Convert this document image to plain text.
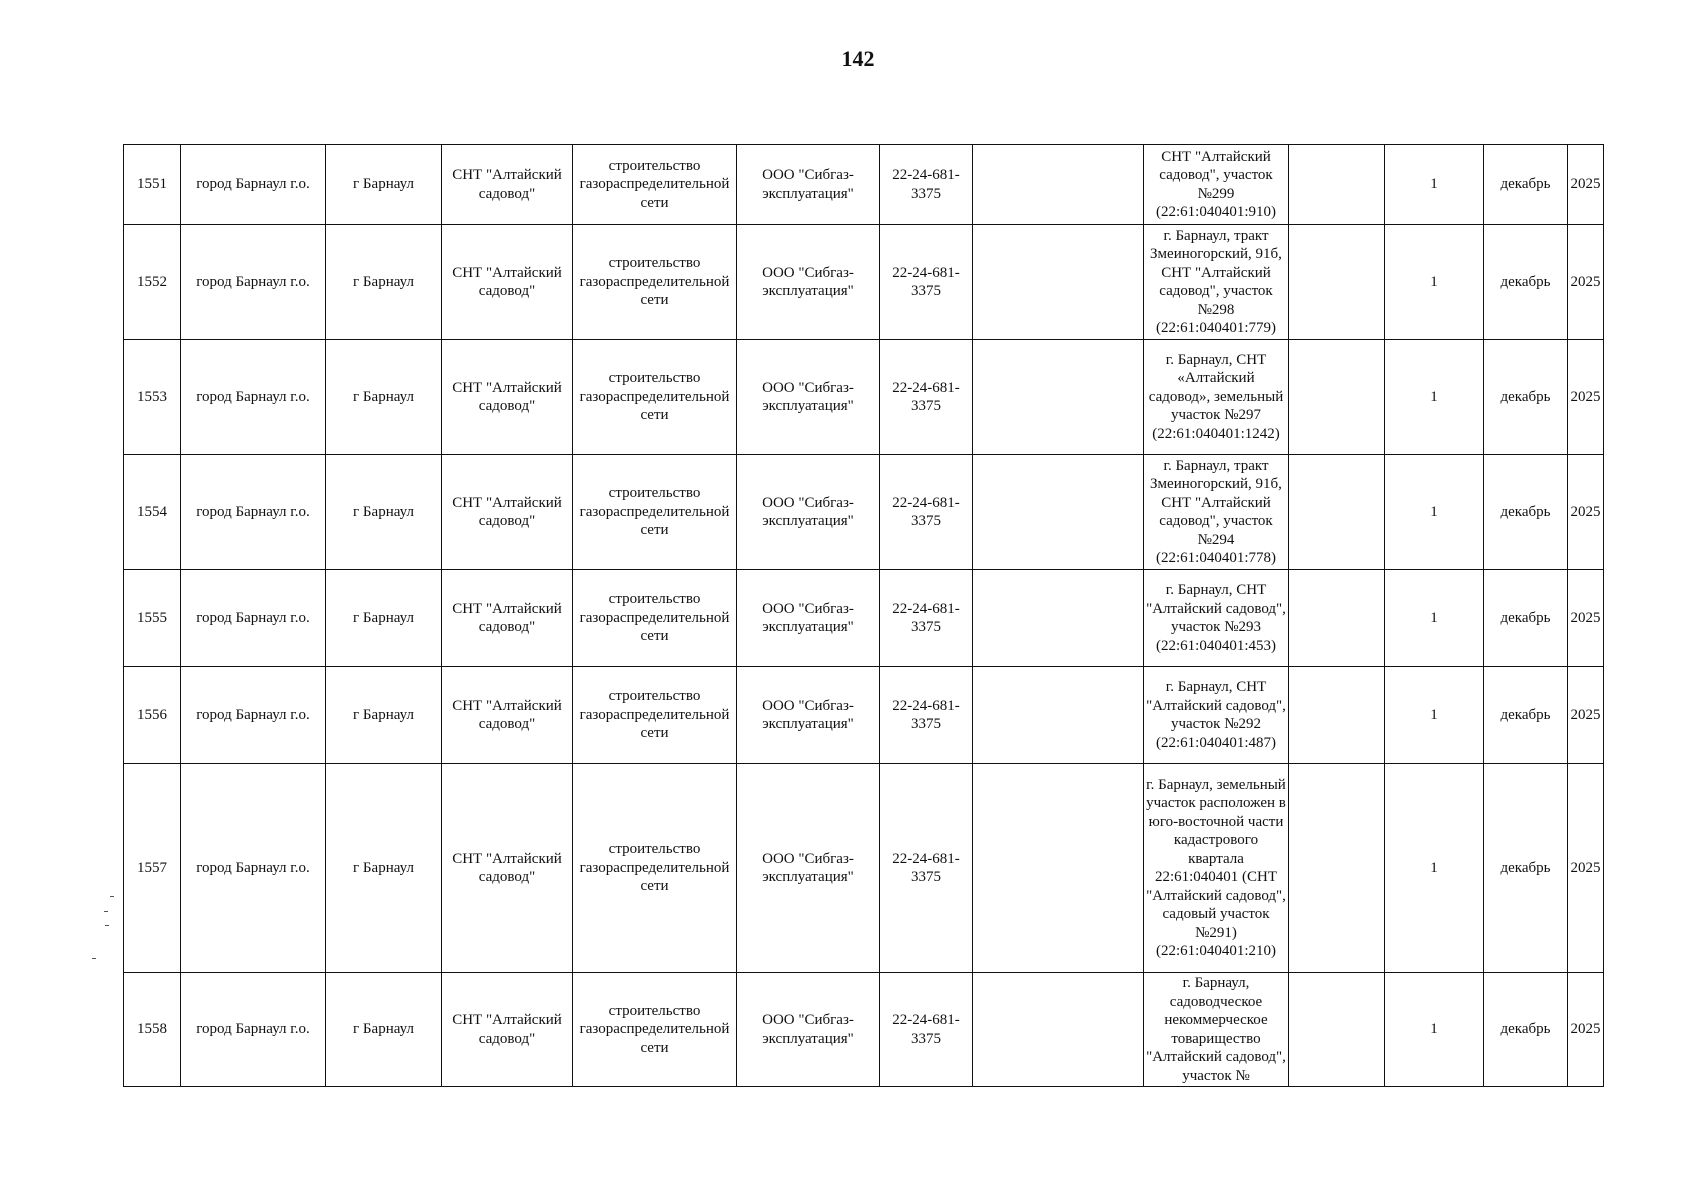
142
1551	город Барнаул г.о.	г Барнаул	СНТ "Алтайский садовод"	строительство газораспределительной сети	ООО "Сибгаз-эксплуатация"	22-24-681-3375		СНТ "Алтайский садовод", участок №299 (22:61:040401:910)		1	декабрь	2025
1552	город Барнаул г.о.	г Барнаул	СНТ "Алтайский садовод"	строительство газораспределительной сети	ООО "Сибгаз-эксплуатация"	22-24-681-3375		г. Барнаул, тракт Змеиногорский, 91б, СНТ "Алтайский садовод", участок №298 (22:61:040401:779)		1	декабрь	2025
1553	город Барнаул г.о.	г Барнаул	СНТ "Алтайский садовод"	строительство газораспределительной сети	ООО "Сибгаз-эксплуатация"	22-24-681-3375		г. Барнаул, СНТ «Алтайский садовод», земельный участок №297 (22:61:040401:1242)		1	декабрь	2025
1554	город Барнаул г.о.	г Барнаул	СНТ "Алтайский садовод"	строительство газораспределительной сети	ООО "Сибгаз-эксплуатация"	22-24-681-3375		г. Барнаул, тракт Змеиногорский, 91б, СНТ "Алтайский садовод", участок №294 (22:61:040401:778)		1	декабрь	2025
1555	город Барнаул г.о.	г Барнаул	СНТ "Алтайский садовод"	строительство газораспределительной сети	ООО "Сибгаз-эксплуатация"	22-24-681-3375		г. Барнаул, СНТ "Алтайский садовод", участок №293 (22:61:040401:453)		1	декабрь	2025
1556	город Барнаул г.о.	г Барнаул	СНТ "Алтайский садовод"	строительство газораспределительной сети	ООО "Сибгаз-эксплуатация"	22-24-681-3375		г. Барнаул, СНТ "Алтайский садовод", участок №292 (22:61:040401:487)		1	декабрь	2025
1557	город Барнаул г.о.	г Барнаул	СНТ "Алтайский садовод"	строительство газораспределительной сети	ООО "Сибгаз-эксплуатация"	22-24-681-3375		г. Барнаул, земельный участок расположен в юго-восточной части кадастрового квартала 22:61:040401 (СНТ "Алтайский садовод", садовый участок №291) (22:61:040401:210)		1	декабрь	2025
1558	город Барнаул г.о.	г Барнаул	СНТ "Алтайский садовод"	строительство газораспределительной сети	ООО "Сибгаз-эксплуатация"	22-24-681-3375		г. Барнаул, садоводческое некоммерческое товарищество "Алтайский садовод", участок №		1	декабрь	2025
